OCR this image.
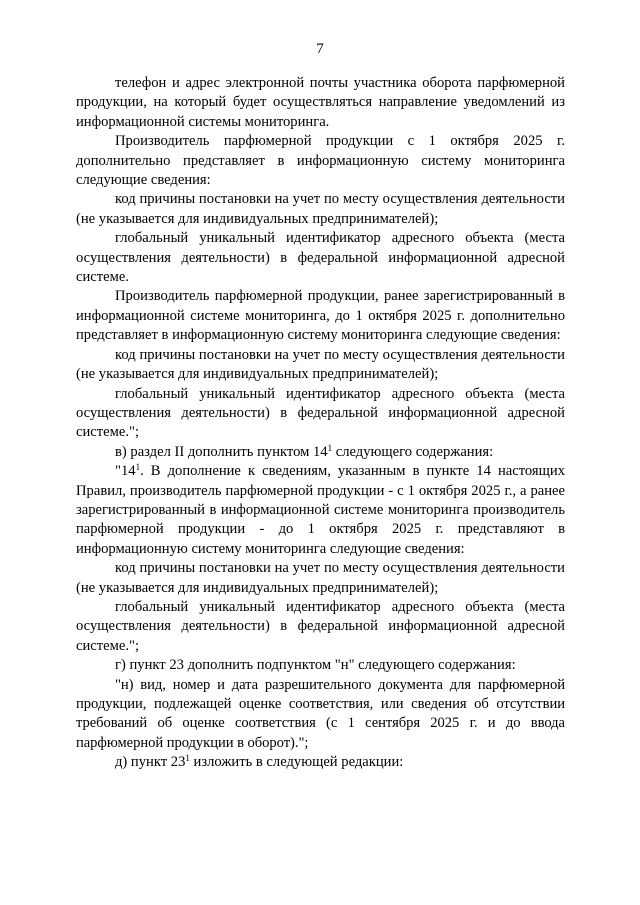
7

телефон и адрес электронной почты участника оборота парфюмерной продукции, на который будет осуществляться направление уведомлений из информационной системы мониторинга.

Производитель парфюмерной продукции с 1 октября 2025 г. дополнительно представляет в информационную систему мониторинга следующие сведения:

код причины постановки на учет по месту осуществления деятельности (не указывается для индивидуальных предпринимателей);

глобальный уникальный идентификатор адресного объекта (места осуществления деятельности) в федеральной информационной адресной системе.

Производитель парфюмерной продукции, ранее зарегистрированный в информационной системе мониторинга, до 1 октября 2025 г. дополнительно представляет в информационную систему мониторинга следующие сведения:

код причины постановки на учет по месту осуществления деятельности (не указывается для индивидуальных предпринимателей);

глобальный уникальный идентификатор адресного объекта (места осуществления деятельности) в федеральной информационной адресной системе.";

в) раздел II дополнить пунктом $14^1$ следующего содержания:

"$14^1$. В дополнение к сведениям, указанным в пункте 14 настоящих Правил, производитель парфюмерной продукции - с 1 октября 2025 г., а ранее зарегистрированный в информационной системе мониторинга производитель парфюмерной продукции - до 1 октября 2025 г. представляют в информационную систему мониторинга следующие сведения:

код причины постановки на учет по месту осуществления деятельности (не указывается для индивидуальных предпринимателей);

глобальный уникальный идентификатор адресного объекта (места осуществления деятельности) в федеральной информационной адресной системе.";

г) пункт 23 дополнить подпунктом "н" следующего содержания:

"н) вид, номер и дата разрешительного документа для парфюмерной продукции, подлежащей оценке соответствия, или сведения об отсутствии требований об оценке соответствия (с 1 сентября 2025 г. и до ввода парфюмерной продукции в оборот).";

д) пункт $23^1$ изложить в следующей редакции:
